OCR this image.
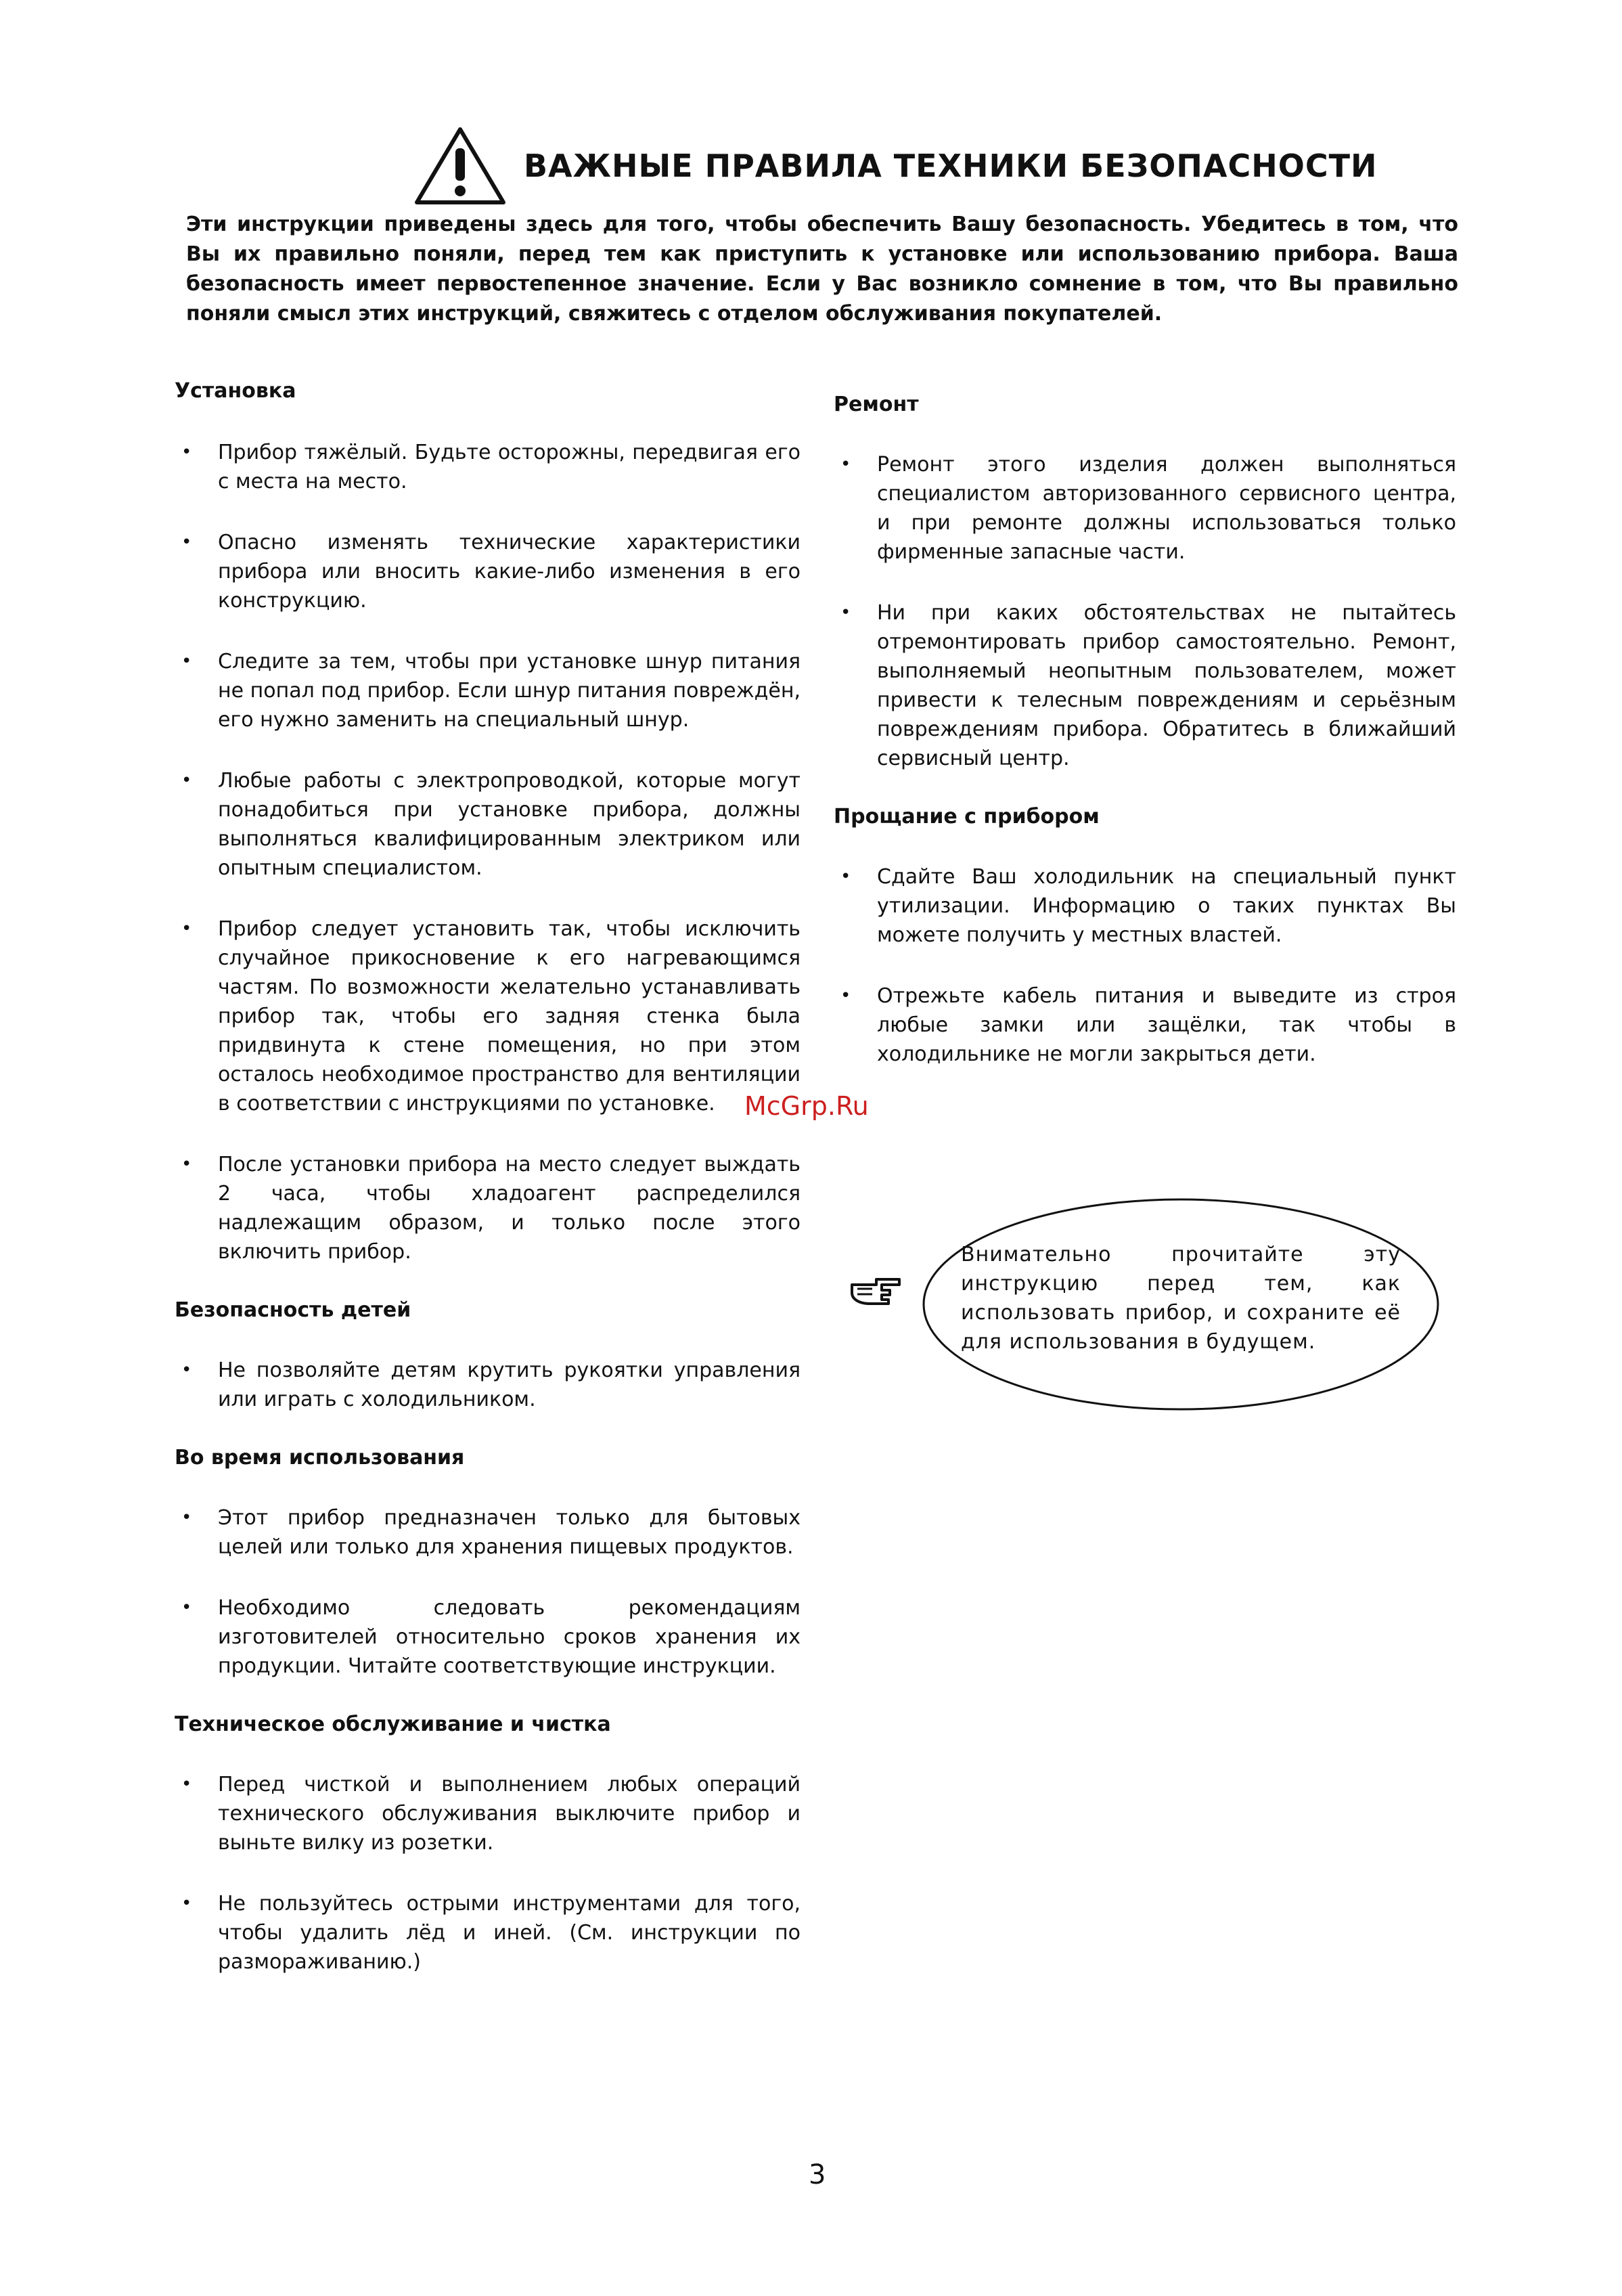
ВАЖНЫЕ ПРАВИЛА ТЕХНИКИ БЕЗОПАСНОСТИ
Эти инструкции приведены здесь для того, чтобы обеспечить Вашу безопасность. Убедитесь в том, что Вы их правильно поняли, перед тем как приступить к установке или использованию прибора. Ваша безопасность имеет первостепенное значение. Если у Вас возникло сомнение в том, что Вы правильно поняли смысл этих инструкций, свяжитесь с отделом обслуживания покупателей.
Установка
• Прибор тяжёлый. Будьте осторожны, передвигая его с места на место.
• Опасно изменять технические характеристики прибора или вносить какие-либо изменения в его конструкцию.
• Следите за тем, чтобы при установке шнур питания не попал под прибор. Если шнур питания повреждён, его нужно заменить на специальный шнур.
• Любые работы с электропроводкой, которые могут понадобиться при установке прибора, должны выполняться квалифицированным электриком или опытным специалистом.
• Прибор следует установить так, чтобы исключить случайное прикосновение к его нагревающимся частям. По возможности желательно устанавливать прибор так, чтобы его задняя стенка была придвинута к стене помещения, но при этом осталось необходимое пространство для вентиляции в соответствии с инструкциями по установке.
• После установки прибора на место следует выждать 2 часа, чтобы хладоагент распределился надлежащим образом, и только после этого включить прибор.
Безопасность детей
• Не позволяйте детям крутить рукоятки управления или играть с холодильником.
Во время использования
• Этот прибор предназначен только для бытовых целей или только для хранения пищевых продуктов.
• Необходимо следовать рекомендациям изготовителей относительно сроков хранения их продукции. Читайте соответствующие инструкции.
Техническое обслуживание и чистка
• Перед чисткой и выполнением любых операций технического обслуживания выключите прибор и выньте вилку из розетки.
• Не пользуйтесь острыми инструментами для того, чтобы удалить лёд и иней. (См. инструкции по размораживанию.)
Ремонт
• Ремонт этого изделия должен выполняться специалистом авторизованного сервисного центра, и при ремонте должны использоваться только фирменные запасные части.
• Ни при каких обстоятельствах не пытайтесь отремонтировать прибор самостоятельно. Ремонт, выполняемый неопытным пользователем, может привести к телесным повреждениям и серьёзным повреждениям прибора. Обратитесь в ближайший сервисный центр.
Прощание с прибором
• Сдайте Ваш холодильник на специальный пункт утилизации. Информацию о таких пунктах Вы можете получить у местных властей.
• Отрежьте кабель питания и выведите из строя любые замки или защёлки, так чтобы в холодильнике не могли закрыться дети.
McGrp.Ru
Внимательно прочитайте эту инструкцию перед тем, как использовать прибор, и сохраните её для использования в будущем.
3
